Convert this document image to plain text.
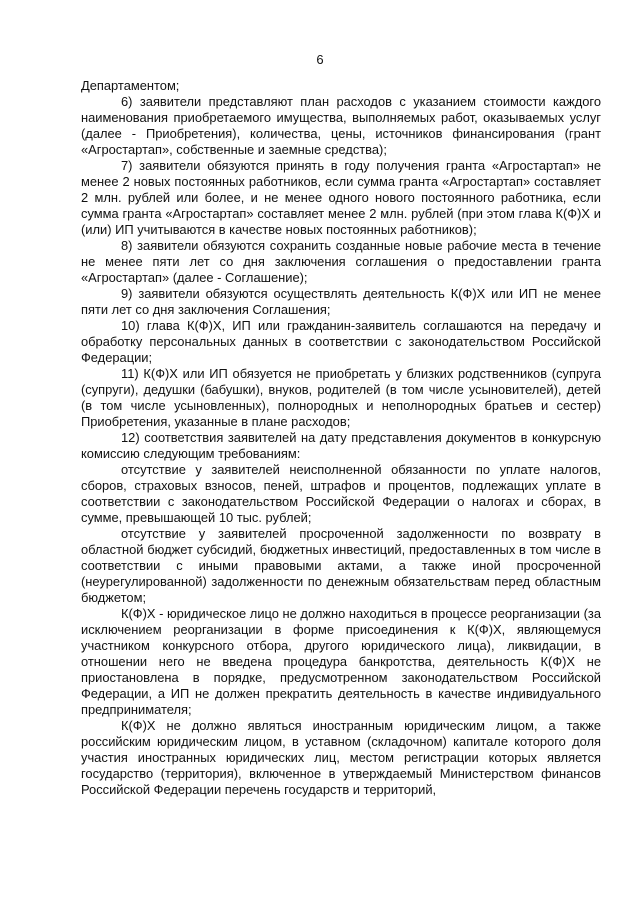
6

Департаментом;

6) заявители представляют план расходов с указанием стоимости каждого наименования приобретаемого имущества, выполняемых работ, оказываемых услуг (далее - Приобретения), количества, цены, источников финансирования (грант «Агростартап», собственные и заемные средства);

7) заявители обязуются принять в году получения гранта «Агростартап» не менее 2 новых постоянных работников, если сумма гранта «Агростартап» составляет 2 млн. рублей или более, и не менее одного нового постоянного работника, если сумма гранта «Агростартап» составляет менее 2 млн. рублей (при этом глава К(Ф)Х и (или) ИП учитываются в качестве новых постоянных работников);

8) заявители обязуются сохранить созданные новые рабочие места в течение не менее пяти лет со дня заключения соглашения о предоставлении гранта «Агростартап» (далее - Соглашение);

9) заявители обязуются осуществлять деятельность К(Ф)Х или ИП не менее пяти лет со дня заключения Соглашения;

10) глава К(Ф)Х, ИП или гражданин-заявитель соглашаются на передачу и обработку персональных данных в соответствии с законодательством Российской Федерации;

11) К(Ф)Х или ИП обязуется не приобретать у близких родственников (супруга (супруги), дедушки (бабушки), внуков, родителей (в том числе усыновителей), детей (в том числе усыновленных), полнородных и неполнородных братьев и сестер) Приобретения, указанные в плане расходов;

12) соответствия заявителей на дату представления документов в конкурсную комиссию следующим требованиям:

отсутствие у заявителей неисполненной обязанности по уплате налогов, сборов, страховых взносов, пеней, штрафов и процентов, подлежащих уплате в соответствии с законодательством Российской Федерации о налогах и сборах, в сумме, превышающей 10 тыс. рублей;

отсутствие у заявителей просроченной задолженности по возврату в областной бюджет субсидий, бюджетных инвестиций, предоставленных в том числе в соответствии с иными правовыми актами, а также иной просроченной (неурегулированной) задолженности по денежным обязательствам перед областным бюджетом;

К(Ф)Х - юридическое лицо не должно находиться в процессе реорганизации (за исключением реорганизации в форме присоединения к К(Ф)Х, являющемуся участником конкурсного отбора, другого юридического лица), ликвидации, в отношении него не введена процедура банкротства, деятельность К(Ф)Х не приостановлена в порядке, предусмотренном законодательством Российской Федерации, а ИП не должен прекратить деятельность в качестве индивидуального предпринимателя;

К(Ф)Х не должно являться иностранным юридическим лицом, а также российским юридическим лицом, в уставном (складочном) капитале которого доля участия иностранных юридических лиц, местом регистрации которых является государство (территория), включенное в утверждаемый Министерством финансов Российской Федерации перечень государств и территорий,
